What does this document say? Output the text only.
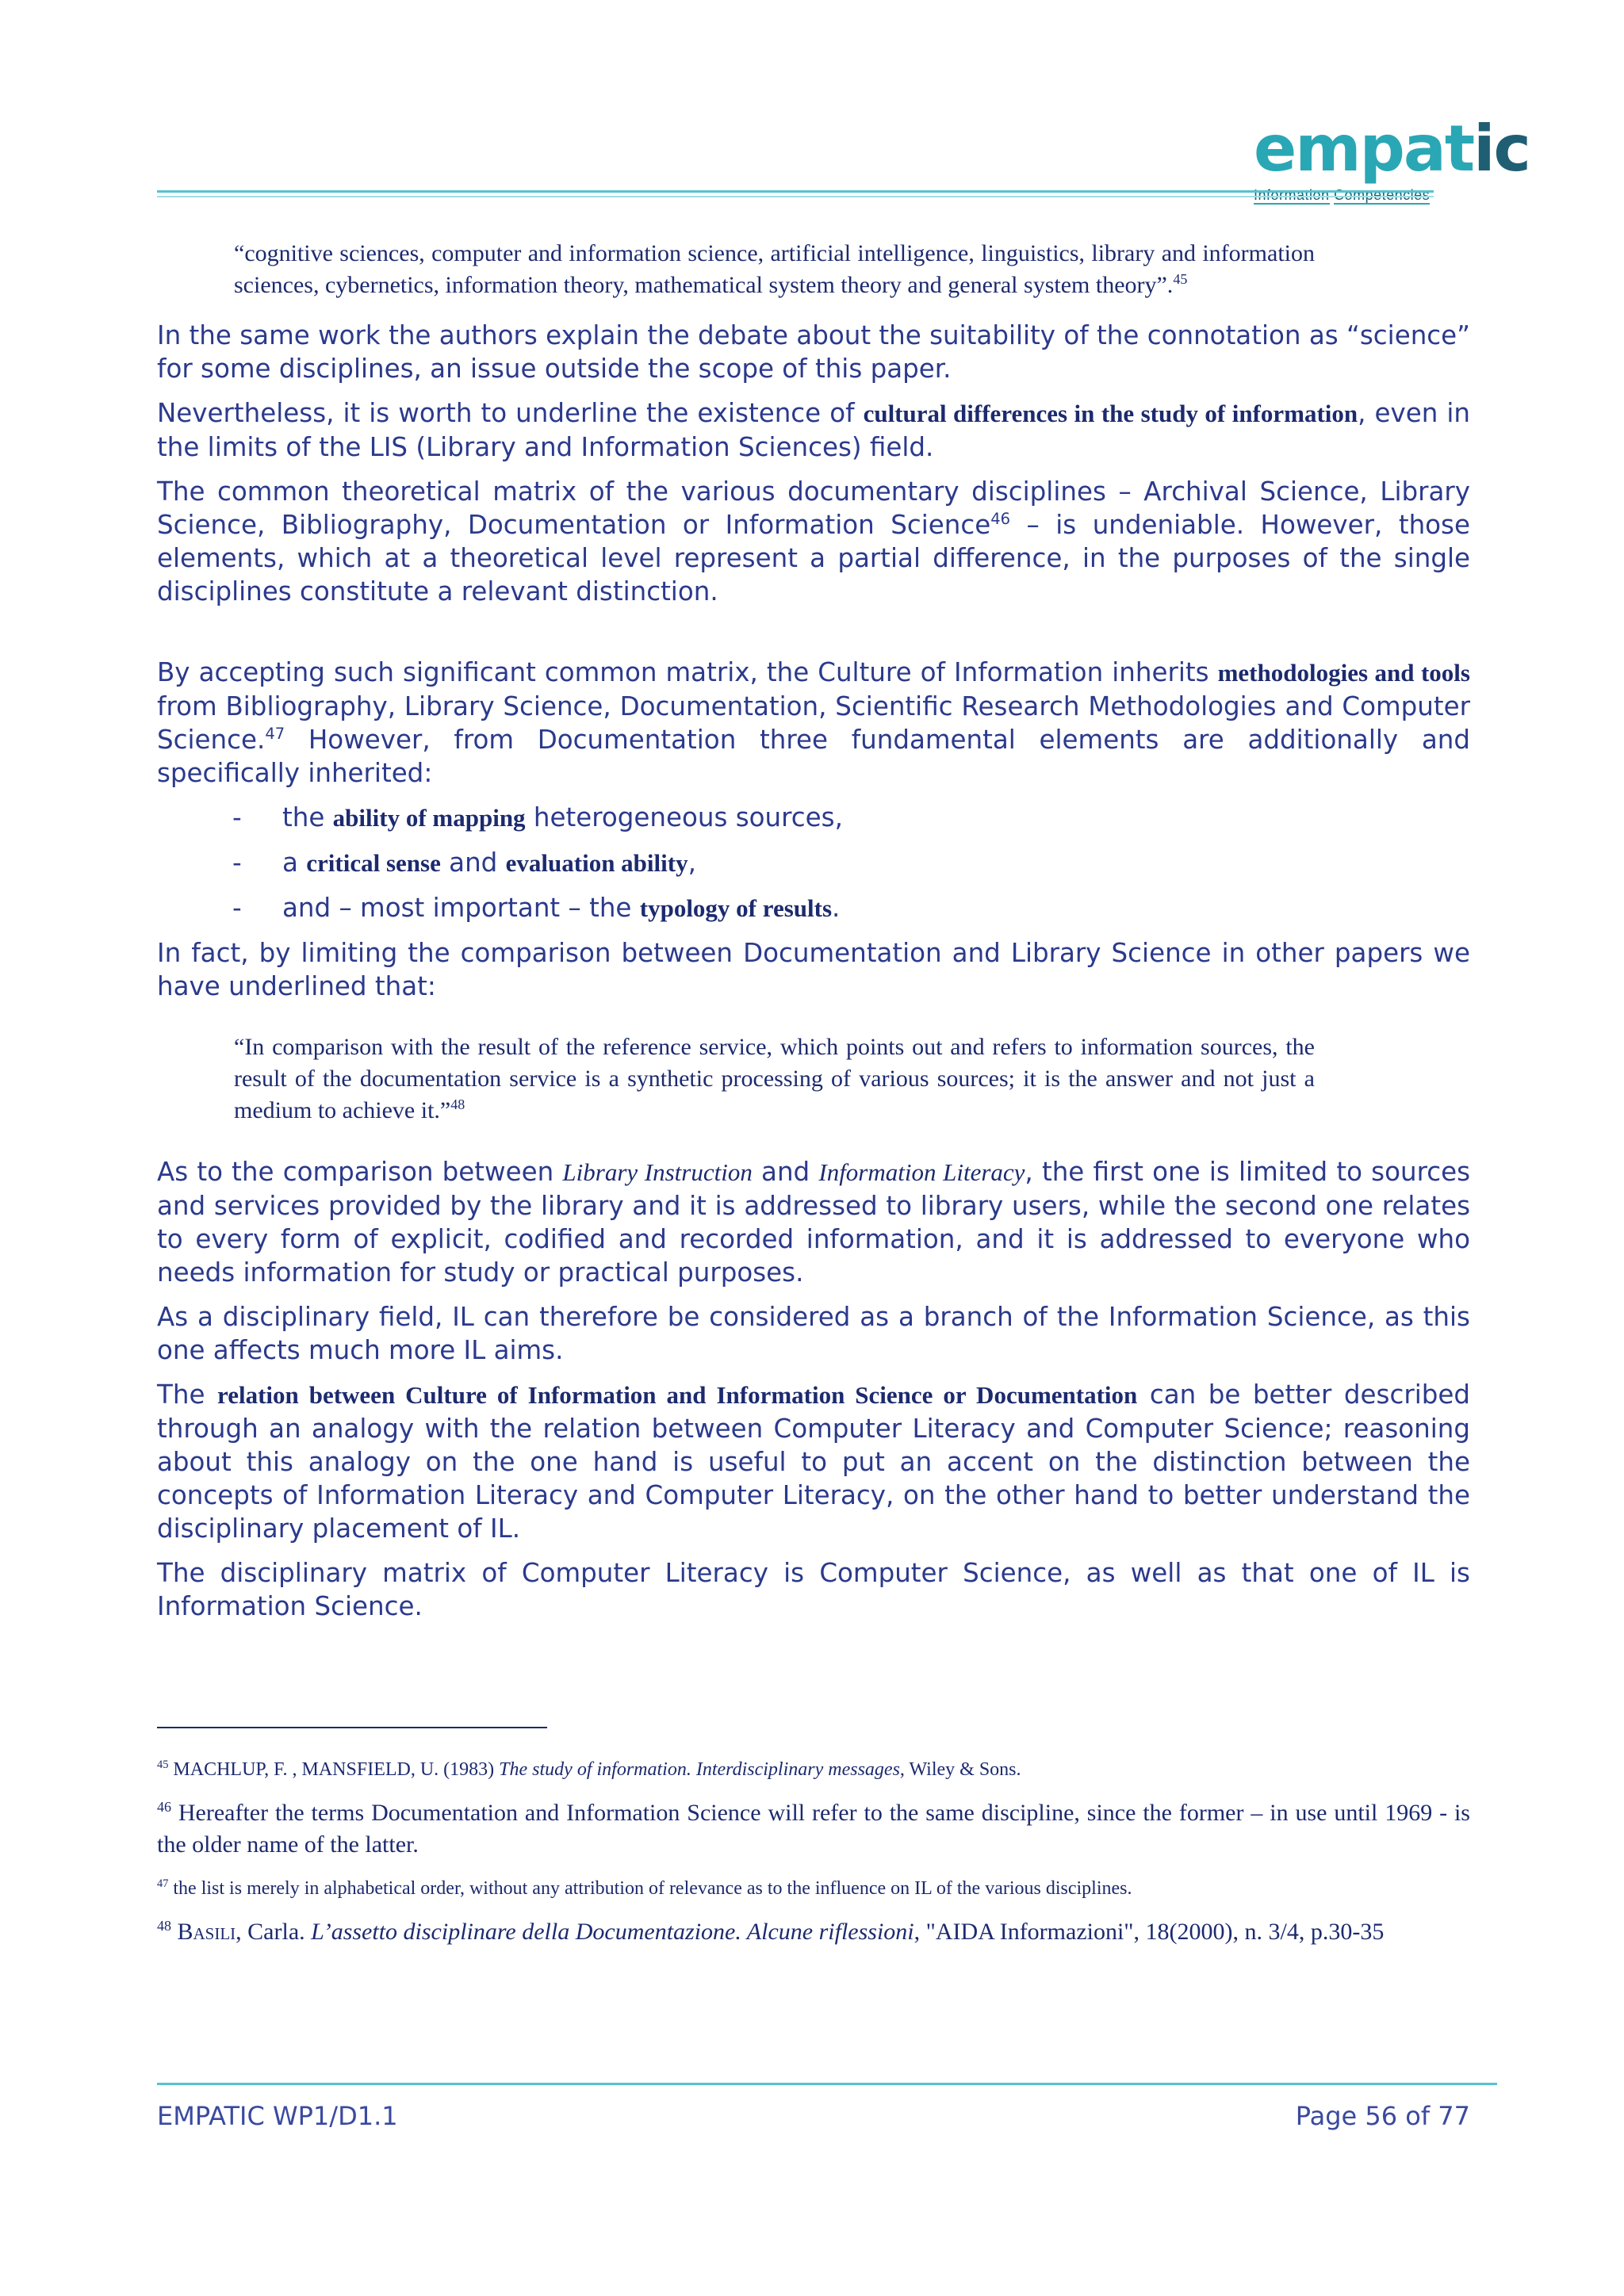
empatic
Information Competencies

“cognitive sciences, computer and information science, artificial intelligence, linguistics, library and information sciences, cybernetics, information theory, mathematical system theory and general system theory”.$^{45}$

In the same work the authors explain the debate about the suitability of the connotation as “science” for some disciplines, an issue outside the scope of this paper.

Nevertheless, it is worth to underline the existence of cultural differences in the study of information, even in the limits of the LIS (Library and Information Sciences) field.

The common theoretical matrix of the various documentary disciplines – Archival Science, Library Science, Bibliography, Documentation or Information Science$^{46}$ – is undeniable. However, those elements, which at a theoretical level represent a partial difference, in the purposes of the single disciplines constitute a relevant distinction.

By accepting such significant common matrix, the Culture of Information inherits methodologies and tools from Bibliography, Library Science, Documentation, Scientific Research Methodologies and Computer Science.$^{47}$ However, from Documentation three fundamental elements are additionally and specifically inherited:

- the ability of mapping heterogeneous sources,
- a critical sense and evaluation ability,
- and – most important – the typology of results.

In fact, by limiting the comparison between Documentation and Library Science in other papers we have underlined that:

“In comparison with the result of the reference service, which points out and refers to information sources, the result of the documentation service is a synthetic processing of various sources; it is the answer and not just a medium to achieve it.”$^{48}$

As to the comparison between Library Instruction and Information Literacy, the first one is limited to sources and services provided by the library and it is addressed to library users, while the second one relates to every form of explicit, codified and recorded information, and it is addressed to everyone who needs information for study or practical purposes.

As a disciplinary field, IL can therefore be considered as a branch of the Information Science, as this one affects much more IL aims.

The relation between Culture of Information and Information Science or Documentation can be better described through an analogy with the relation between Computer Literacy and Computer Science; reasoning about this analogy on the one hand is useful to put an accent on the distinction between the concepts of Information Literacy and Computer Literacy, on the other hand to better understand the disciplinary placement of IL.

The disciplinary matrix of Computer Literacy is Computer Science, as well as that one of IL is Information Science.

$^{45}$ MACHLUP, F. , MANSFIELD, U. (1983) The study of information. Interdisciplinary messages, Wiley & Sons.

$^{46}$ Hereafter the terms Documentation and Information Science will refer to the same discipline, since the former – in use until 1969 - is the older name of the latter.

$^{47}$ the list is merely in alphabetical order, without any attribution of relevance as to the influence on IL of the various disciplines.

$^{48}$ Basili, Carla. L’assetto disciplinare della Documentazione. Alcune riflessioni, "AIDA Informazioni", 18(2000), n. 3/4, p.30-35

EMPATIC WP1/D1.1	Page 56 of 77
